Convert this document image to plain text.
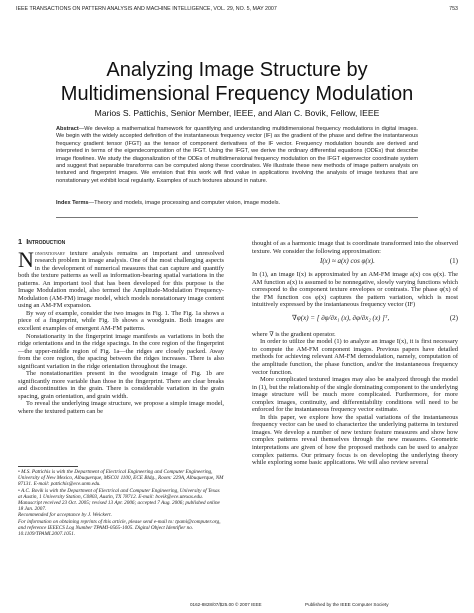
IEEE TRANSACTIONS ON PATTERN ANALYSIS AND MACHINE INTELLIGENCE, VOL. 29, NO. 5, MAY 2007	753
Analyzing Image Structure by
Multidimensional Frequency Modulation
Marios S. Pattichis, Senior Member, IEEE, and Alan C. Bovik, Fellow, IEEE
Abstract—We develop a mathematical framework for quantifying and understanding multidimensional frequency modulations in digital images. We begin with the widely accepted definition of the instantaneous frequency vector (IF) as the gradient of the phase and define the instantaneous frequency gradient tensor (IFGT) as the tensor of component derivatives of the IF vector. Frequency modulation bounds are derived and interpreted in terms of the eigendecomposition of the IFGT. Using the IFGT, we derive the ordinary differential equations (ODEs) that describe image flowlines. We study the diagonalization of the ODEs of multidimensional frequency modulation on the IFGT eigenvector coordinate system and suggest that separable transforms can be computed along these coordinates. We illustrate these new methods of image pattern analysis on textured and fingerprint images. We envision that this work will find value in applications involving the analysis of image textures that are nonstationary yet exhibit local regularity. Examples of such textures abound in nature.
Index Terms—Theory and models, image processing and computer vision, image models.
1 Introduction

Nonstationary texture analysis remains an important and unresolved research problem in image analysis. One of the most challenging aspects in the development of numerical measures that can capture and quantify both the texture patterns as well as information-bearing spatial variations in the patterns. An important tool that has been developed for this purpose is the Image Modulation model, also termed the Amplitude-Modulation Frequency-Modulation (AM-FM) image model, which models nonstationary image content using an AM-FM expansion.

By way of example, consider the two images in Fig. 1. The Fig. 1a shows a piece of a fingerprint, while Fig. 1b shows a woodgrain. Both images are excellent examples of emergent AM-FM patterns.

Nonstationarity in the fingerprint image manifests as variations in both the ridge orientations and in the ridge spacings. In the core region of the fingerprint—the upper-middle region of Fig. 1a—the ridges are closely packed. Away from the core region, the spacing between the ridges increases. There is also significant variation in the ridge orientation throughout the image.

The nonstationarities present in the woodgrain image of Fig. 1b are significantly more variable than those in the fingerprint. There are clear breaks and discontinuities in the grain. There is considerable variation in the grain spacing, grain orientation, and grain width.

To reveal the underlying image structure, we propose a simple image model, where the textured pattern can be

• M.S. Pattichis is with the Department of Electrical Engineering and Computer Engineering, University of New Mexico, Albuquerque, MSC01 1100, ECE Bldg., Room: 229A, Albuquerque, NM 87131. E-mail: pattichis@ece.unm.edu.

• A.C. Bovik is with the Department of Electrical and Computer Engineering, University of Texas at Austin, 1 University Station, C0803, Austin, TX 78712. E-mail: bovik@ece.utexas.edu.

Manuscript received 23 Oct. 2005; revised 13 Apr. 2006; accepted 7 Aug. 2006; published online 18 Jan. 2007.

Recommended for acceptance by J. Weickert.

For information on obtaining reprints of this article, please send e-mail to: tpami@computer.org, and reference IEEECS Log Number TPAMI-0565-1005. Digital Object Identifier no. 10.1109/TPAMI.2007.1051.

thought of as a harmonic image that is coordinate transformed into the observed texture. We consider the following approximation:

I(x) ≈ a(x) cos φ(x).	(1)

In (1), an image I(x) is approximated by an AM-FM image a(x) cos φ(x). The AM function a(x) is assumed to be nonnegative, slowly varying functions which correspond to the component texture envelopes or contrasts. The phase φ(x) of the FM function cos φ(x) captures the pattern variation, which is most intuitively expressed by the instantaneous frequency vector (IF)

∇φ(x) = [ ∂φ/∂x₁ (x), ∂φ/∂x₂ (x) ]ᵀ,	(2)

where ∇ is the gradient operator.

In order to utilize the model (1) to analyze an image I(x), it is first necessary to compute the AM-FM component images. Previous papers have detailed methods for achieving relevant AM-FM demodulation, namely, computation of the amplitude function, the phase function, and/or the instantaneous frequency vector function.

More complicated textured images may also be analyzed through the model in (1), but the relationship of the single dominating component to the underlying image structure will be much more complicated. Furthermore, for more complex images, continuity, and differentiability conditions will need to be enforced for the instantaneous frequency vector estimate.

In this paper, we explore how the spatial variations of the instantaneous frequency vector can be used to characterize the underlying patterns in textured images. We develop a number of new texture feature measures and show how complex patterns reveal themselves through the new measures. Geometric interpretations are given of how the proposed methods can be used to analyze complex patterns. Our primary focus is on developing the underlying theory while exploring some basic applications. We will also review several

0162-8828/07/$25.00 © 2007 IEEE	Published by the IEEE Computer Society
